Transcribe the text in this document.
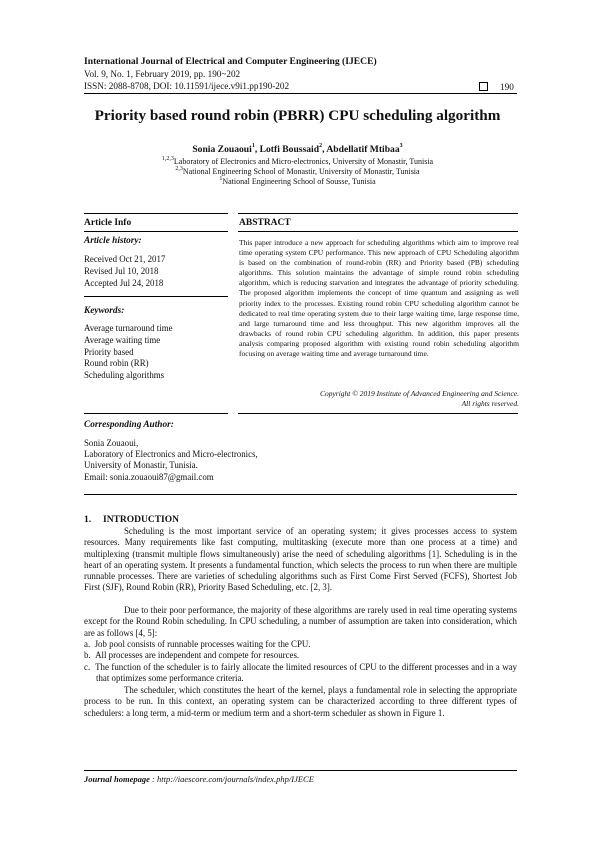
International Journal of Electrical and Computer Engineering (IJECE)
Vol. 9, No. 1, February 2019, pp. 190~202
ISSN: 2088-8708, DOI: 10.11591/ijece.v9i1.pp190-202	190
Priority based round robin (PBRR) CPU scheduling algorithm
Sonia Zouaoui$^1$, Lotfi Boussaid$^2$, Abdellatif Mtibaa$^3$
$^{1,2,3}$Laboratory of Electronics and Micro-electronics, University of Monastir, Tunisia
$^{2,3}$National Engineering School of Monastir, University of Monastir, Tunisia
$^1$National Engineering School of Sousse, Tunisia
Article Info	ABSTRACT
Article history:
Received Oct 21, 2017
Revised Jul 10, 2018
Accepted Jul 24, 2018
Keywords:
Average turnaround time
Average waiting time
Priority based
Round robin (RR)
Scheduling algorithms
This paper introduce a new approach for scheduling algorithms which aim to improve real time operating system CPU performance. This new approach of CPU Scheduling algorithm is based on the combination of round-robin (RR) and Priority based (PB) scheduling algorithms. This solution maintains the advantage of simple round robin scheduling algorithm, which is reducing starvation and integrates the advantage of priority scheduling. The proposed algorithm implements the concept of time quantum and assigning as well priority index to the processes. Existing round robin CPU scheduling algorithm cannot be dedicated to real time operating system due to their large waiting time, large response time, and large turnaround time and less throughput. This new algorithm improves all the drawbacks of round robin CPU scheduling algorithm. In addition, this paper presents analysis comparing proposed algorithm with existing round robin scheduling algorithm focusing on average waiting time and average turnaround time.
Copyright © 2019 Institute of Advanced Engineering and Science.
All rights reserved.
Corresponding Author:
Sonia Zouaoui,
Laboratory of Electronics and Micro-electronics,
University of Monastir, Tunisia.
Email: sonia.zouaoui87@gmail.com
1.     INTRODUCTION
Scheduling is the most important service of an operating system; it gives processes access to system resources. Many requirements like fast computing, multitasking (execute more than one process at a time) and multiplexing (transmit multiple flows simultaneously) arise the need of scheduling algorithms [1]. Scheduling is in the heart of an operating system. It presents a fundamental function, which selects the process to run when there are multiple runnable processes. There are varieties of scheduling algorithms such as First Come First Served (FCFS), Shortest Job First (SJF), Round Robin (RR), Priority Based Scheduling, etc. [2, 3].
Due to their poor performance, the majority of these algorithms are rarely used in real time operating systems except for the Round Robin scheduling. In CPU scheduling, a number of assumption are taken into consideration, which are as follows [4, 5]:
a.  Job pool consists of runnable processes waiting for the CPU.
b.  All processes are independent and compete for resources.
c.  The function of the scheduler is to fairly allocate the limited resources of CPU to the different processes and in a way that optimizes some performance criteria.
The scheduler, which constitutes the heart of the kernel, plays a fundamental role in selecting the appropriate process to be run. In this context, an operating system can be characterized according to three different types of schedulers: a long term, a mid-term or medium term and a short-term scheduler as shown in Figure 1.
Journal homepage : http://iaescore.com/journals/index.php/IJECE
